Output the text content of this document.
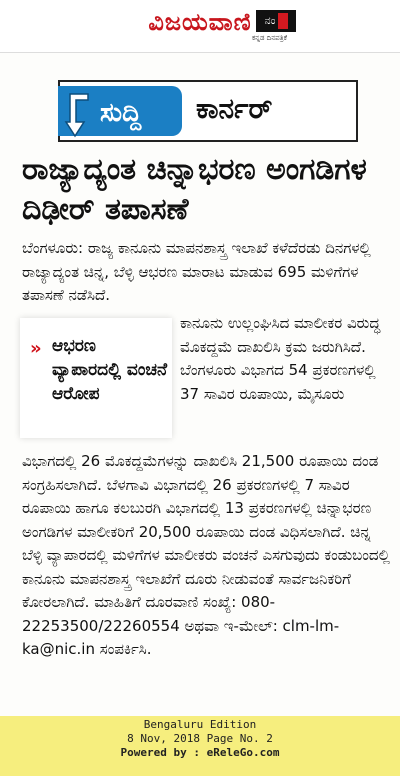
ವಿಜಯವಾಣಿ	ನಂ
ಕನ್ನಡ ದಿನಪತ್ರಿಕೆ
ಸುದ್ದಿ ಕಾರ್ನರ್
ರಾಜ್ಯಾದ್ಯಂತ ಚಿನ್ನಾಭರಣ ಅಂಗಡಿಗಳ ದಿಢೀರ್ ತಪಾಸಣೆ
ಬೆಂಗಳೂರು: ರಾಜ್ಯ ಕಾನೂನು ಮಾಪನಶಾಸ್ತ್ರ ಇಲಾಖೆ ಕಳೆದೆರಡು ದಿನಗಳಲ್ಲಿ ರಾಜ್ಯಾದ್ಯಂತ ಚಿನ್ನ, ಬೆಳ್ಳಿ ಆಭರಣ ಮಾರಾಟ ಮಾಡುವ 695 ಮಳಿಗೆಗಳ ತಪಾಸಣೆ ನಡೆಸಿದೆ.
» ಆಭರಣ ವ್ಯಾಪಾರದಲ್ಲಿ ವಂಚನೆ ಆರೋಪ
ಕಾನೂನು ಉಲ್ಲಂಘಿಸಿದ ಮಾಲೀಕರ ವಿರುದ್ಧ ಮೊಕದ್ದಮೆ ದಾಖಲಿಸಿ ಕ್ರಮ ಜರುಗಿಸಿದೆ. ಬೆಂಗಳೂರು ವಿಭಾಗದ 54 ಪ್ರಕರಣಗಳಲ್ಲಿ 37 ಸಾವಿರ ರೂಪಾಯಿ, ಮೈಸೂರು
ವಿಭಾಗದಲ್ಲಿ 26 ಮೊಕದ್ದಮೆಗಳನ್ನು ದಾಖಲಿಸಿ 21,500 ರೂಪಾಯಿ ದಂಡ ಸಂಗ್ರಹಿಸಲಾಗಿದೆ. ಬೆಳಗಾವಿ ವಿಭಾಗದಲ್ಲಿ 26 ಪ್ರಕರಣಗಳಲ್ಲಿ 7 ಸಾವಿರ ರೂಪಾಯಿ ಹಾಗೂ ಕಲಬುರಗಿ ವಿಭಾಗದಲ್ಲಿ 13 ಪ್ರಕರಣಗಳಲ್ಲಿ ಚಿನ್ನಾಭರಣ ಅಂಗಡಿಗಳ ಮಾಲೀಕರಿಗೆ 20,500 ರೂಪಾಯಿ ದಂಡ ವಿಧಿಸಲಾಗಿದೆ. ಚಿನ್ನ ಬೆಳ್ಳಿ ವ್ಯಾಪಾರದಲ್ಲಿ ಮಳಿಗೆಗಳ ಮಾಲೀಕರು ವಂಚನೆ ಎಸಗುವುದು ಕಂಡುಬಂದಲ್ಲಿ ಕಾನೂನು ಮಾಪನಶಾಸ್ತ್ರ ಇಲಾಖೆಗೆ ದೂರು ನೀಡುವಂತೆ ಸಾರ್ವಜನಿಕರಿಗೆ ಕೋರಲಾಗಿದೆ. ಮಾಹಿತಿಗೆ ದೂರವಾಣಿ ಸಂಖ್ಯೆ: 080-22253500/22260554 ಅಥವಾ ಇ-ಮೇಲ್: clm-lm-ka@nic.in ಸಂಪರ್ಕಿಸಿ.
Bengaluru Edition
8 Nov, 2018 Page No. 2
Powered by : eReleGo.com
